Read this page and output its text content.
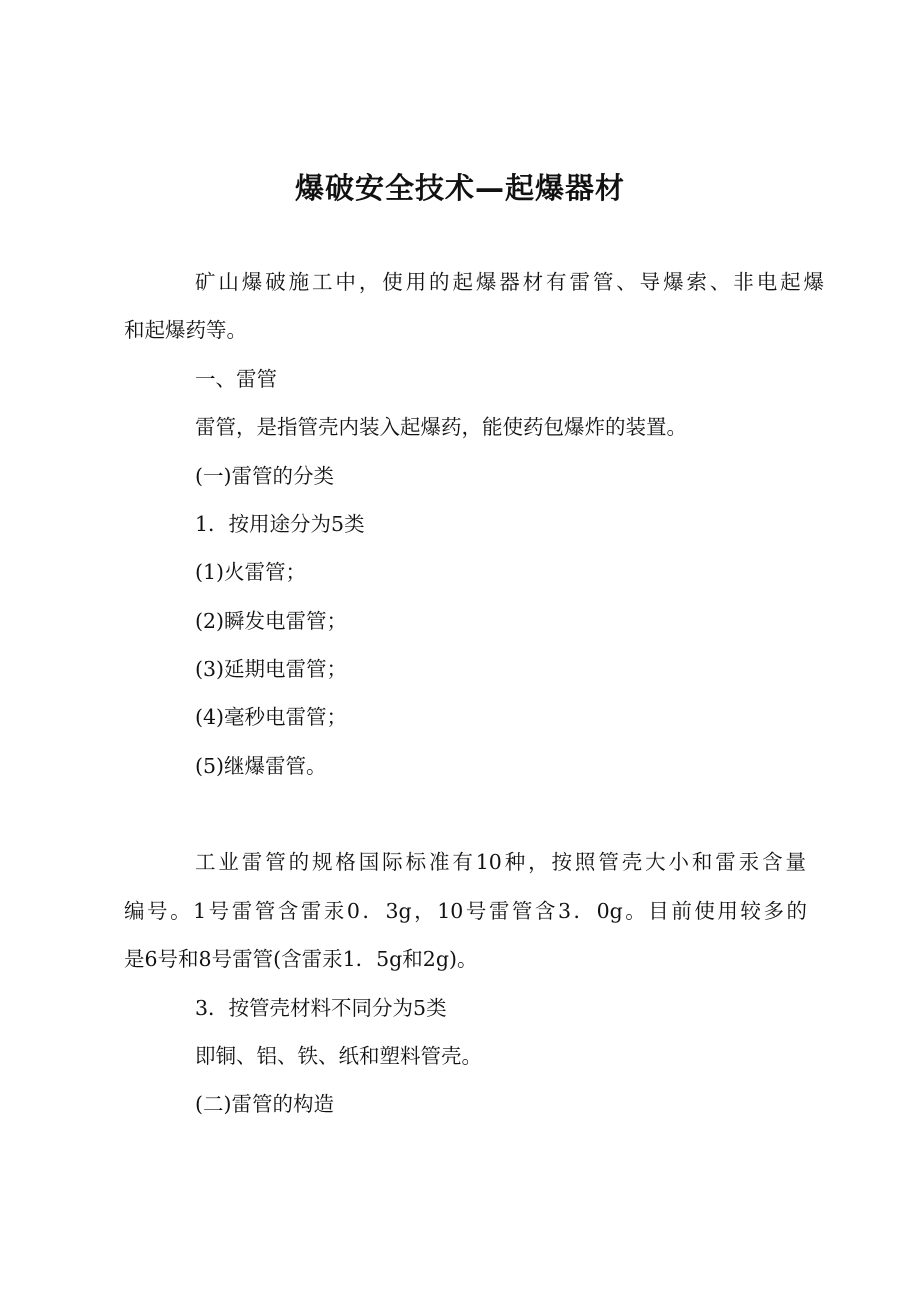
爆破安全技术—起爆器材

矿山爆破施工中，使用的起爆器材有雷管、导爆索、非电起爆

和起爆药等。

一、雷管

雷管，是指管壳内装入起爆药，能使药包爆炸的装置。

(一)雷管的分类

1．按用途分为5类

(1)火雷管；

(2)瞬发电雷管；

(3)延期电雷管；

(4)毫秒电雷管；

(5)继爆雷管。

工业雷管的规格国际标准有10种，按照管壳大小和雷汞含量

编号。1号雷管含雷汞0．3g，10号雷管含3．0g。目前使用较多的

是6号和8号雷管(含雷汞1．5g和2g)。

3．按管壳材料不同分为5类

即铜、铝、铁、纸和塑料管壳。

(二)雷管的构造
